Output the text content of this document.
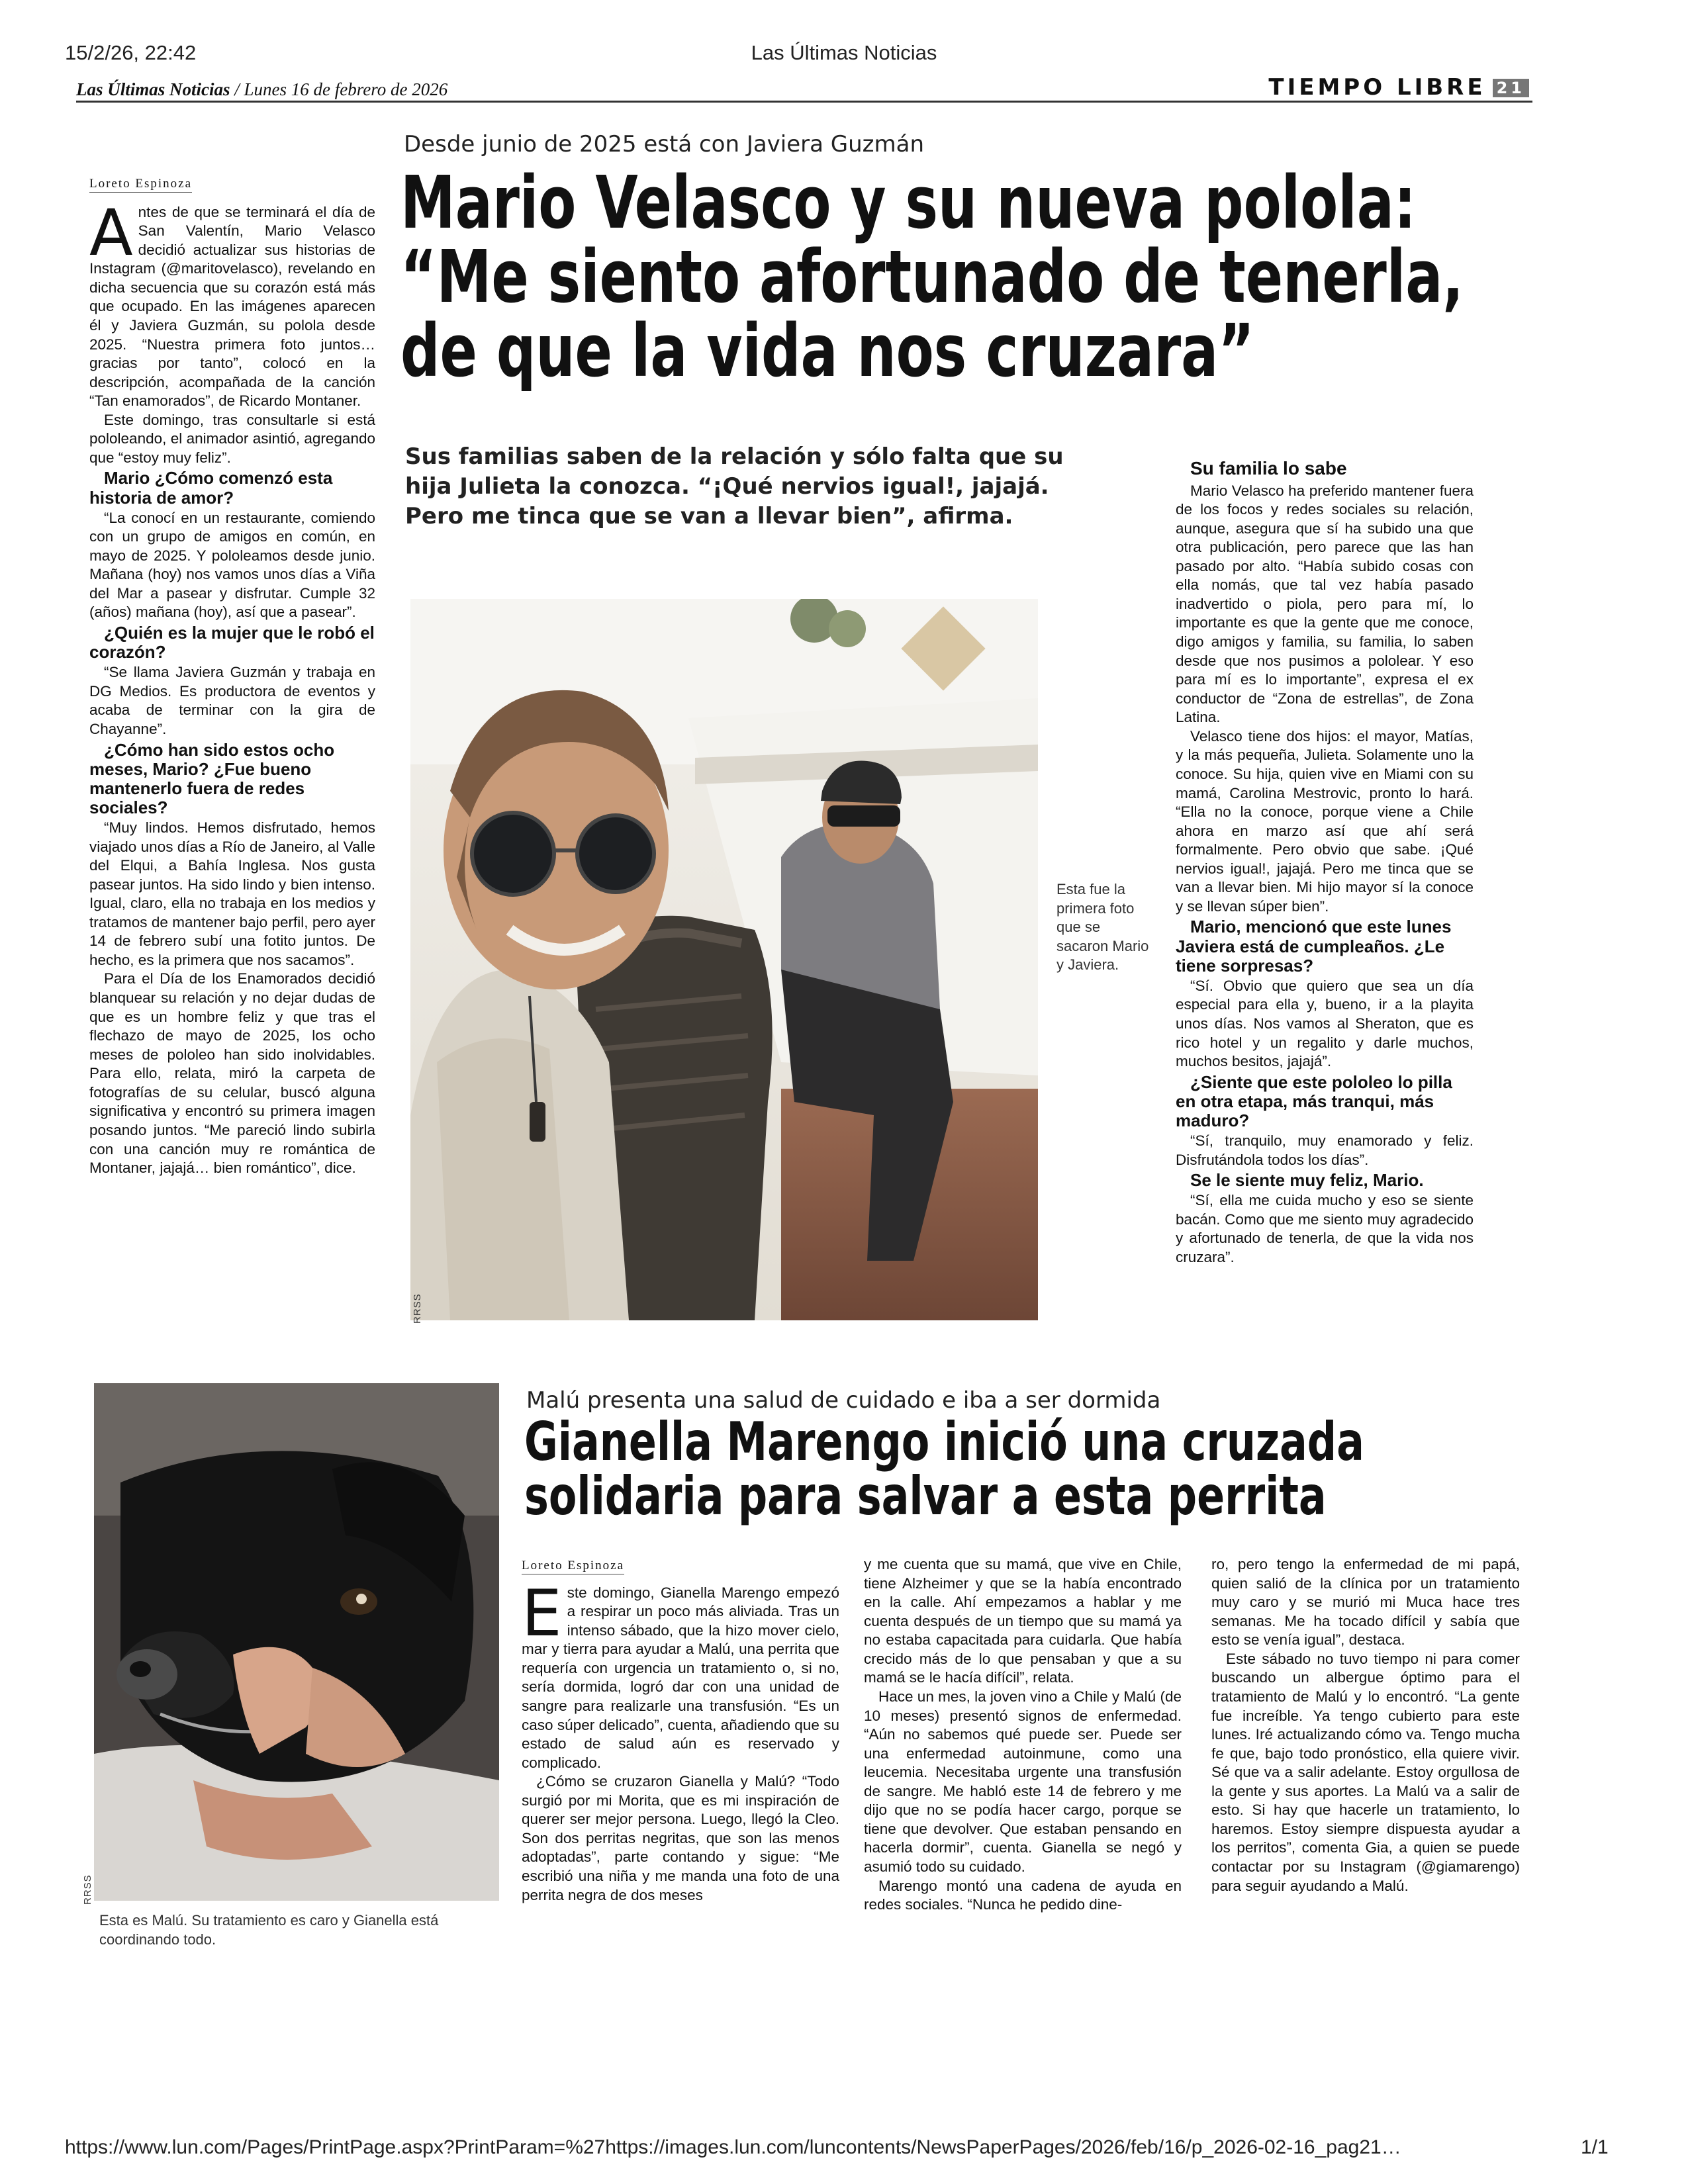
15/2/26, 22:42	Las Últimas Noticias
Las Últimas Noticias / Lunes 16 de febrero de 2026	TIEMPO LIBRE 21
Desde junio de 2025 está con Javiera Guzmán
Mario Velasco y su nueva polola:
“Me siento afortunado de tenerla,
de que la vida nos cruzara”
Sus familias saben de la relación y sólo falta que su
hija Julieta la conozca. “¡Qué nervios igual!, jajajá.
Pero me tinca que se van a llevar bien”, afirma.
Loreto Espinoza

Antes de que se terminará el día de San Valentín, Mario Velasco decidió actualizar sus historias de Instagram (@maritovelasco), revelando en dicha secuencia que su corazón está más que ocupado. En las imágenes aparecen él y Javiera Guzmán, su polola desde 2025. “Nuestra primera foto juntos… gracias por tanto”, colocó en la descripción, acompañada de la canción “Tan enamorados”, de Ricardo Montaner.

Este domingo, tras consultarle si está pololeando, el animador asintió, agregando que “estoy muy feliz”.

Mario ¿Cómo comenzó esta historia de amor?

“La conocí en un restaurante, comiendo con un grupo de amigos en común, en mayo de 2025. Y pololeamos desde junio. Mañana (hoy) nos vamos unos días a Viña del Mar a pasear y disfrutar. Cumple 32 (años) mañana (hoy), así que a pasear”.

¿Quién es la mujer que le robó el corazón?

“Se llama Javiera Guzmán y trabaja en DG Medios. Es productora de eventos y acaba de terminar con la gira de Chayanne”.

¿Cómo han sido estos ocho meses, Mario? ¿Fue bueno mantenerlo fuera de redes sociales?

“Muy lindos. Hemos disfrutado, hemos viajado unos días a Río de Janeiro, al Valle del Elqui, a Bahía Inglesa. Nos gusta pasear juntos. Ha sido lindo y bien intenso. Igual, claro, ella no trabaja en los medios y tratamos de mantener bajo perfil, pero ayer 14 de febrero subí una fotito juntos. De hecho, es la primera que nos sacamos”.

Para el Día de los Enamorados decidió blanquear su relación y no dejar dudas de que es un hombre feliz y que tras el flechazo de mayo de 2025, los ocho meses de pololeo han sido inolvidables. Para ello, relata, miró la carpeta de fotografías de su celular, buscó alguna significativa y encontró su primera imagen posando juntos. “Me pareció lindo subirla con una canción muy re romántica de Montaner, jajajá… bien romántico”, dice.

RRSS
Esta fue la primera foto que se sacaron Mario y Javiera.
Su familia lo sabe

Mario Velasco ha preferido mantener fuera de los focos y redes sociales su relación, aunque, asegura que sí ha subido una que otra publicación, pero parece que las han pasado por alto. “Había subido cosas con ella nomás, que tal vez había pasado inadvertido o piola, pero para mí, lo importante es que la gente que me conoce, digo amigos y familia, su familia, lo saben desde que nos pusimos a pololear. Y eso para mí es lo importante”, expresa el ex conductor de “Zona de estrellas”, de Zona Latina.

Velasco tiene dos hijos: el mayor, Matías, y la más pequeña, Julieta. Solamente uno la conoce. Su hija, quien vive en Miami con su mamá, Carolina Mestrovic, pronto lo hará. “Ella no la conoce, porque viene a Chile ahora en marzo así que ahí será formalmente. Pero obvio que sabe. ¡Qué nervios igual!, jajajá. Pero me tinca que se van a llevar bien. Mi hijo mayor sí la conoce y se llevan súper bien”.

Mario, mencionó que este lunes Javiera está de cumpleaños. ¿Le tiene sorpresas?

“Sí. Obvio que quiero que sea un día especial para ella y, bueno, ir a la playita unos días. Nos vamos al Sheraton, que es rico hotel y un regalito y darle muchos, muchos besitos, jajajá”.

¿Siente que este pololeo lo pilla en otra etapa, más tranqui, más maduro?

“Sí, tranquilo, muy enamorado y feliz. Disfrutándola todos los días”.

Se le siente muy feliz, Mario.

“Sí, ella me cuida mucho y eso se siente bacán. Como que me siento muy agradecido y afortunado de tenerla, de que la vida nos cruzara”.

RRSS
Esta es Malú. Su tratamiento es caro y Gianella está coordinando todo.
Malú presenta una salud de cuidado e iba a ser dormida
Gianella Marengo inició una cruzada
solidaria para salvar a esta perrita
Loreto Espinoza

Este domingo, Gianella Marengo empezó a respirar un poco más aliviada. Tras un intenso sábado, que la hizo mover cielo, mar y tierra para ayudar a Malú, una perrita que requería con urgencia un tratamiento o, si no, sería dormida, logró dar con una unidad de sangre para realizarle una transfusión. “Es un caso súper delicado”, cuenta, añadiendo que su estado de salud aún es reservado y complicado.

¿Cómo se cruzaron Gianella y Malú? “Todo surgió por mi Morita, que es mi inspiración de querer ser mejor persona. Luego, llegó la Cleo. Son dos perritas negritas, que son las menos adoptadas”, parte contando y sigue: “Me escribió una niña y me manda una foto de una perrita negra de dos meses

y me cuenta que su mamá, que vive en Chile, tiene Alzheimer y que se la había encontrado en la calle. Ahí empezamos a hablar y me cuenta después de un tiempo que su mamá ya no estaba capacitada para cuidarla. Que había crecido más de lo que pensaban y que a su mamá se le hacía difícil”, relata.

Hace un mes, la joven vino a Chile y Malú (de 10 meses) presentó signos de enfermedad. “Aún no sabemos qué puede ser. Puede ser una enfermedad autoinmune, como una leucemia. Necesitaba urgente una transfusión de sangre. Me habló este 14 de febrero y me dijo que no se podía hacer cargo, porque se tiene que devolver. Que estaban pensando en hacerla dormir”, cuenta. Gianella se negó y asumió todo su cuidado.

Marengo montó una cadena de ayuda en redes sociales. “Nunca he pedido dine-

ro, pero tengo la enfermedad de mi papá, quien salió de la clínica por un tratamiento muy caro y se murió mi Muca hace tres semanas. Me ha tocado difícil y sabía que esto se venía igual”, destaca.

Este sábado no tuvo tiempo ni para comer buscando un albergue óptimo para el tratamiento de Malú y lo encontró. “La gente fue increíble. Ya tengo cubierto para este lunes. Iré actualizando cómo va. Tengo mucha fe que, bajo todo pronóstico, ella quiere vivir. Sé que va a salir adelante. Estoy orgullosa de la gente y sus aportes. La Malú va a salir de esto. Si hay que hacerle un tratamiento, lo haremos. Estoy siempre dispuesta ayudar a los perritos”, comenta Gia, a quien se puede contactar por su Instagram (@giamarengo) para seguir ayudando a Malú.

https://www.lun.com/Pages/PrintPage.aspx?PrintParam=%27https://images.lun.com/luncontents/NewsPaperPages/2026/feb/16/p_2026-02-16_pag21…	1/1
